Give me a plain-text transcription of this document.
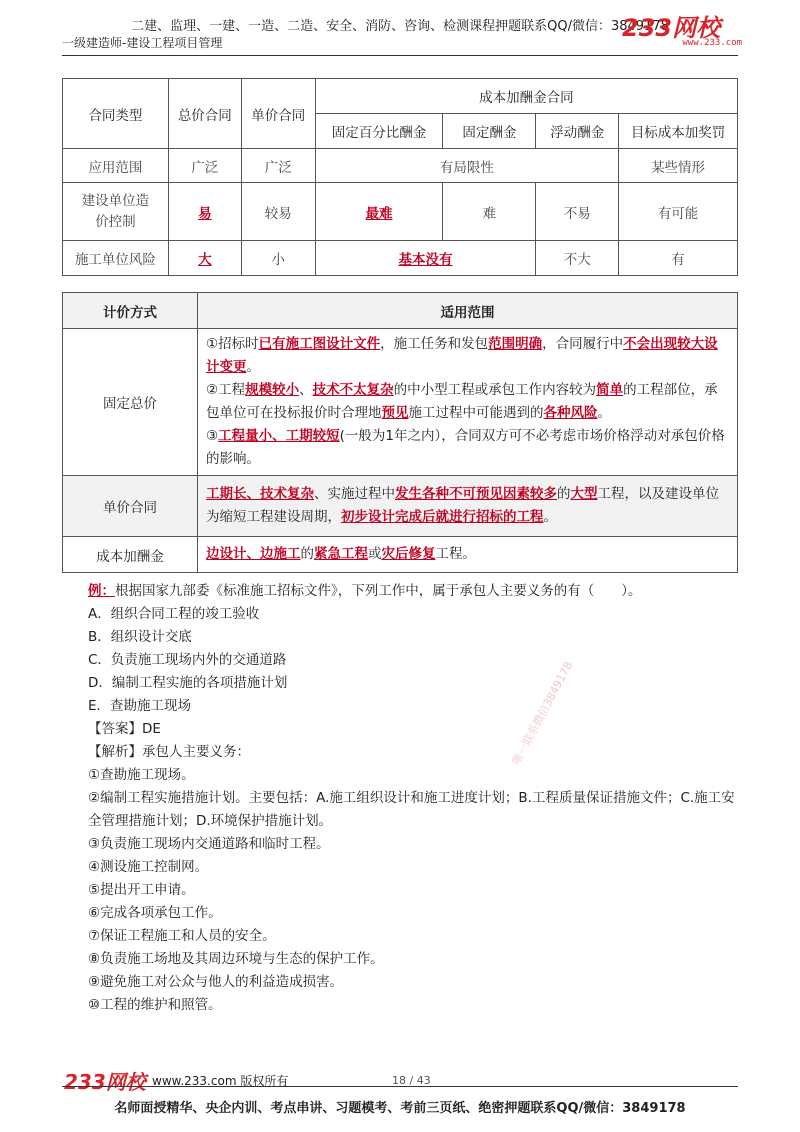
二建、监理、一建、一造、二造、安全、消防、咨询、检测课程押题联系QQ/微信：3849178
一级建造师-建设工程项目管理
233网校
www.233.com
合同类型	总价合同	单价合同	成本加酬金合同			
			固定百分比酬金	固定酬金	浮动酬金	目标成本加奖罚
应用范围	广泛	广泛	有局限性			某些情形
建设单位造价控制	易	较易	最难	难	不易	有可能
施工单位风险	大	小	基本没有		不大	有
计价方式	适用范围
固定总价	①招标时已有施工图设计文件，施工任务和发包范围明确，合同履行中不会出现较大设计变更。
②工程规模较小、技术不太复杂的中小型工程或承包工作内容较为简单的工程部位，承包单位可在投标报价时合理地预见施工过程中可能遇到的各种风险。
③工程量小、工期较短(一般为1年之内），合同双方可不必考虑市场价格浮动对承包价格的影响。
单价合同	工期长、技术复杂、实施过程中发生各种不可预见因素较多的大型工程，以及建设单位为缩短工程建设周期，初步设计完成后就进行招标的工程。
成本加酬金	边设计、边施工的紧急工程或灾后修复工程。
例：根据国家九部委《标准施工招标文件》，下列工作中，属于承包人主要义务的有（　　）。
A．组织合同工程的竣工验收
B．组织设计交底
C．负责施工现场内外的交通道路
D．编制工程实施的各项措施计划
E．查勘施工现场
【答案】DE
【解析】承包人主要义务：
①查勘施工现场。
②编制工程实施措施计划。主要包括：A.施工组织设计和施工进度计划；B.工程质量保证措施文件；C.施工安全管理措施计划；D.环境保护措施计划。
③负责施工现场内交通道路和临时工程。
④测设施工控制网。
⑤提出开工申请。
⑥完成各项承包工作。
⑦保证工程施工和人员的安全。
⑧负责施工场地及其周边环境与生态的保护工作。
⑨避免施工对公众与他人的利益造成损害。
⑩工程的维护和照管。
唯一联系微信3849178
233网校 www.233.com 版权所有	18 / 43
名师面授精华、央企内训、考点串讲、习题模考、考前三页纸、绝密押题联系QQ/微信：3849178
